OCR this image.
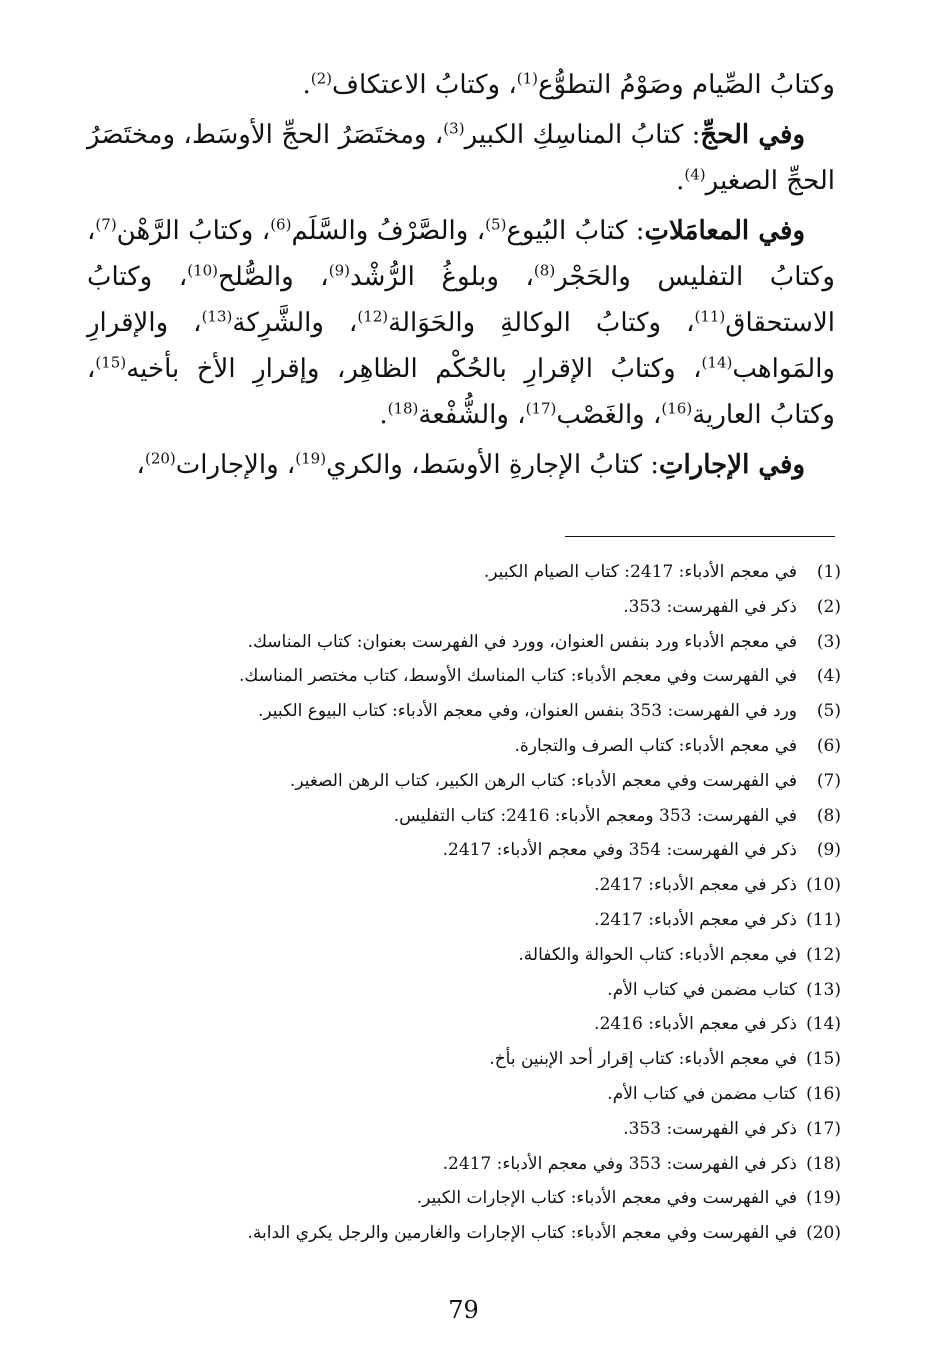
وكتابُ الصِّيام وصَوْمُ التطوُّع$^{(1)}$، وكتابُ الاعتكاف$^{(2)}$.

وفي الحجِّ: كتابُ المناسِكِ الكبير$^{(3)}$، ومختَصَرُ الحجِّ الأوسَط، ومختَصَرُ الحجِّ الصغير$^{(4)}$.

وفي المعامَلاتِ: كتابُ البُيوع$^{(5)}$، والصَّرْفُ والسَّلَم$^{(6)}$، وكتابُ الرَّهْن$^{(7)}$، وكتابُ التفليس والحَجْر$^{(8)}$، وبلوغُ الرُّشْد$^{(9)}$، والصُّلح$^{(10)}$، وكتابُ الاستحقاق$^{(11)}$، وكتابُ الوكالةِ والحَوَالة$^{(12)}$، والشَّرِكة$^{(13)}$، والإقرارِ والمَواهب$^{(14)}$، وكتابُ الإقرارِ بالحُكْم الظاهِر، وإقرارِ الأخ بأخيه$^{(15)}$، وكتابُ العارية$^{(16)}$، والغَصْب$^{(17)}$، والشُّفْعة$^{(18)}$.

وفي الإجاراتِ: كتابُ الإجارةِ الأوسَط، والكري$^{(19)}$، والإجارات$^{(20)}$،

(1)في معجم الأدباء: 2417: كتاب الصيام الكبير.
(2)ذكر في الفهرست: 353.
(3)في معجم الأدباء ورد بنفس العنوان، وورد في الفهرست بعنوان: كتاب المناسك.
(4)في الفهرست وفي معجم الأدباء: كتاب المناسك الأوسط، كتاب مختصر المناسك.
(5)ورد في الفهرست: 353 بنفس العنوان، وفي معجم الأدباء: كتاب البيوع الكبير.
(6)في معجم الأدباء: كتاب الصرف والتجارة.
(7)في الفهرست وفي معجم الأدباء: كتاب الرهن الكبير، كتاب الرهن الصغير.
(8)في الفهرست: 353 ومعجم الأدباء: 2416: كتاب التفليس.
(9)ذكر في الفهرست: 354 وفي معجم الأدباء: 2417.
(10)ذكر في معجم الأدباء: 2417.
(11)ذكر في معجم الأدباء: 2417.
(12)في معجم الأدباء: كتاب الحوالة والكفالة.
(13)كتاب مضمن في كتاب الأم.
(14)ذكر في معجم الأدباء: 2416.
(15)في معجم الأدباء: كتاب إقرار أحد الإبنين بأخ.
(16)كتاب مضمن في كتاب الأم.
(17)ذكر في الفهرست: 353.
(18)ذكر في الفهرست: 353 وفي معجم الأدباء: 2417.
(19)في الفهرست وفي معجم الأدباء: كتاب الإجارات الكبير.
(20)في الفهرست وفي معجم الأدباء: كتاب الإجارات والغارمين والرجل يكري الدابة.
79
